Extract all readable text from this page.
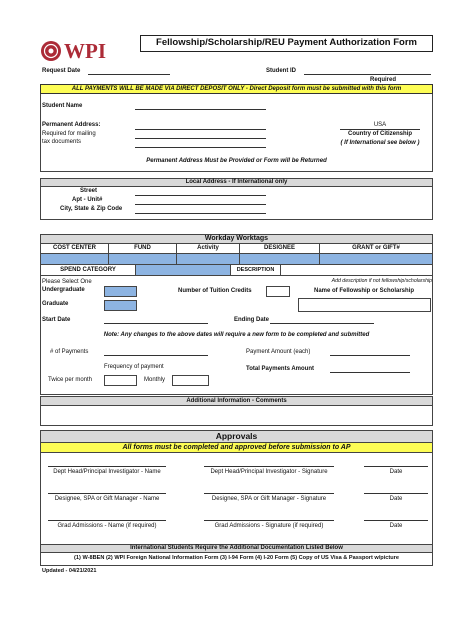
WPI	Fellowship/Scholarship/REU Payment Authorization Form
Request Date	Student ID
Required
ALL PAYMENTS WILL BE MADE VIA DIRECT DEPOSIT ONLY - Direct Deposit form must be submitted with this form
Student Name
Permanent Address:
Required for mailing
tax documents
USA
Country of Citizenship
( If International see below )
Permanent Address Must be Provided or Form will be Returned
Local Address - If International only
Street
Apt - Unit#
City, State & Zip Code
Workday Worktags
COST CENTER	FUND	Activity	DESIGNEE	GRANT or GIFT#
SPEND CATEGORY	DESCRIPTION
Add description if not fellowship/scholarship
Please Select One
Undergraduate	Number of Tuition Credits	Name of Fellowship or Scholarship
Graduate
Start Date	Ending Date
Note: Any changes to the above dates will require a new form to be completed and submitted
# of Payments	Payment Amount (each)
Frequency of payment	Total Payments Amount
Twice per month	Monthly
Additional Information - Comments
Approvals
All forms must be completed and approved before submission to AP
Dept Head/Principal Investigator - Name	Dept Head/Principal Investigator - Signature	Date
Designee, SPA or Gift Manager - Name	Designee, SPA or Gift Manager - Signature	Date
Grad Admissions - Name (if required)	Grad Admissions - Signature (if required)	Date
International Students Require the Additional Documentation Listed Below
(1) W-8BEN (2) WPI Foreign National Information Form (3) I-94 Form (4) I-20 Form (5) Copy of US Visa & Passport w/picture
Updated - 04/21/2021
